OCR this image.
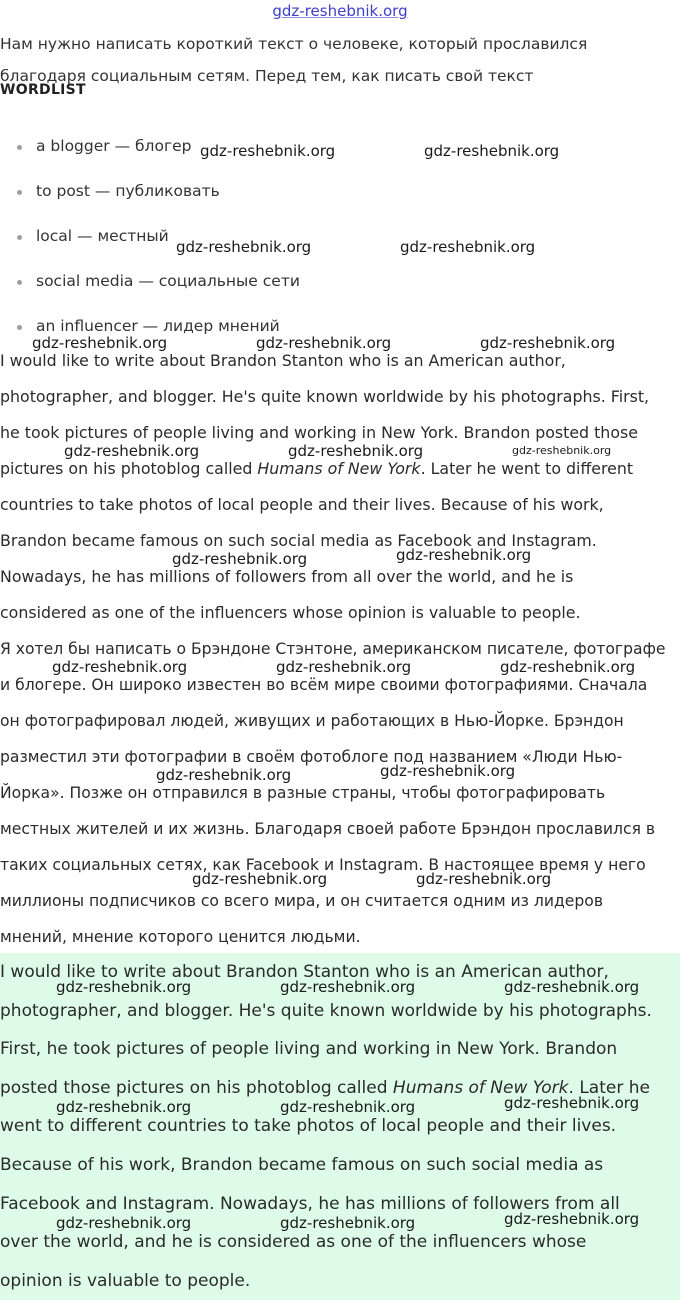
gdz-reshebnik.org
Нам нужно написать короткий текст о человеке, который прославился
благодаря социальным сетям. Перед тем, как писать свой текст
WORDLIST
a blogger — блогер
to post — публиковать
local — местный
social media — социальные сети
an influencer — лидер мнений
I would like to write about Brandon Stanton who is an American author,
photographer, and blogger. He's quite known worldwide by his photographs. First,
he took pictures of people living and working in New York. Brandon posted those
pictures on his photoblog called Humans of New York. Later he went to different
countries to take photos of local people and their lives. Because of his work,
Brandon became famous on such social media as Facebook and Instagram.
Nowadays, he has millions of followers from all over the world, and he is
considered as one of the influencers whose opinion is valuable to people.
Я хотел бы написать о Брэндоне Стэнтоне, американском писателе, фотографе
и блогере. Он широко известен во всём мире своими фотографиями. Сначала
он фотографировал людей, живущих и работающих в Нью-Йорке. Брэндон
разместил эти фотографии в своём фотоблоге под названием «Люди Нью-
Йорка». Позже он отправился в разные страны, чтобы фотографировать
местных жителей и их жизнь. Благодаря своей работе Брэндон прославился в
таких социальных сетях, как Facebook и Instagram. В настоящее время у него
миллионы подписчиков со всего мира, и он считается одним из лидеров
мнений, мнение которого ценится людьми.
I would like to write about Brandon Stanton who is an American author,
photographer, and blogger. He's quite known worldwide by his photographs.
First, he took pictures of people living and working in New York. Brandon
posted those pictures on his photoblog called Humans of New York. Later he
went to different countries to take photos of local people and their lives.
Because of his work, Brandon became famous on such social media as
Facebook and Instagram. Nowadays, he has millions of followers from all
over the world, and he is considered as one of the influencers whose
opinion is valuable to people.
gdz-reshebnik.org	gdz-reshebnik.org
gdz-reshebnik.org	gdz-reshebnik.org
gdz-reshebnik.org	gdz-reshebnik.org	gdz-reshebnik.org
gdz-reshebnik.org	gdz-reshebnik.org	gdz-reshebnik.org
gdz-reshebnik.org	gdz-reshebnik.org
gdz-reshebnik.org	gdz-reshebnik.org	gdz-reshebnik.org
gdz-reshebnik.org	gdz-reshebnik.org
gdz-reshebnik.org	gdz-reshebnik.org
gdz-reshebnik.org	gdz-reshebnik.org	gdz-reshebnik.org
gdz-reshebnik.org	gdz-reshebnik.org	gdz-reshebnik.org
gdz-reshebnik.org	gdz-reshebnik.org	gdz-reshebnik.org
